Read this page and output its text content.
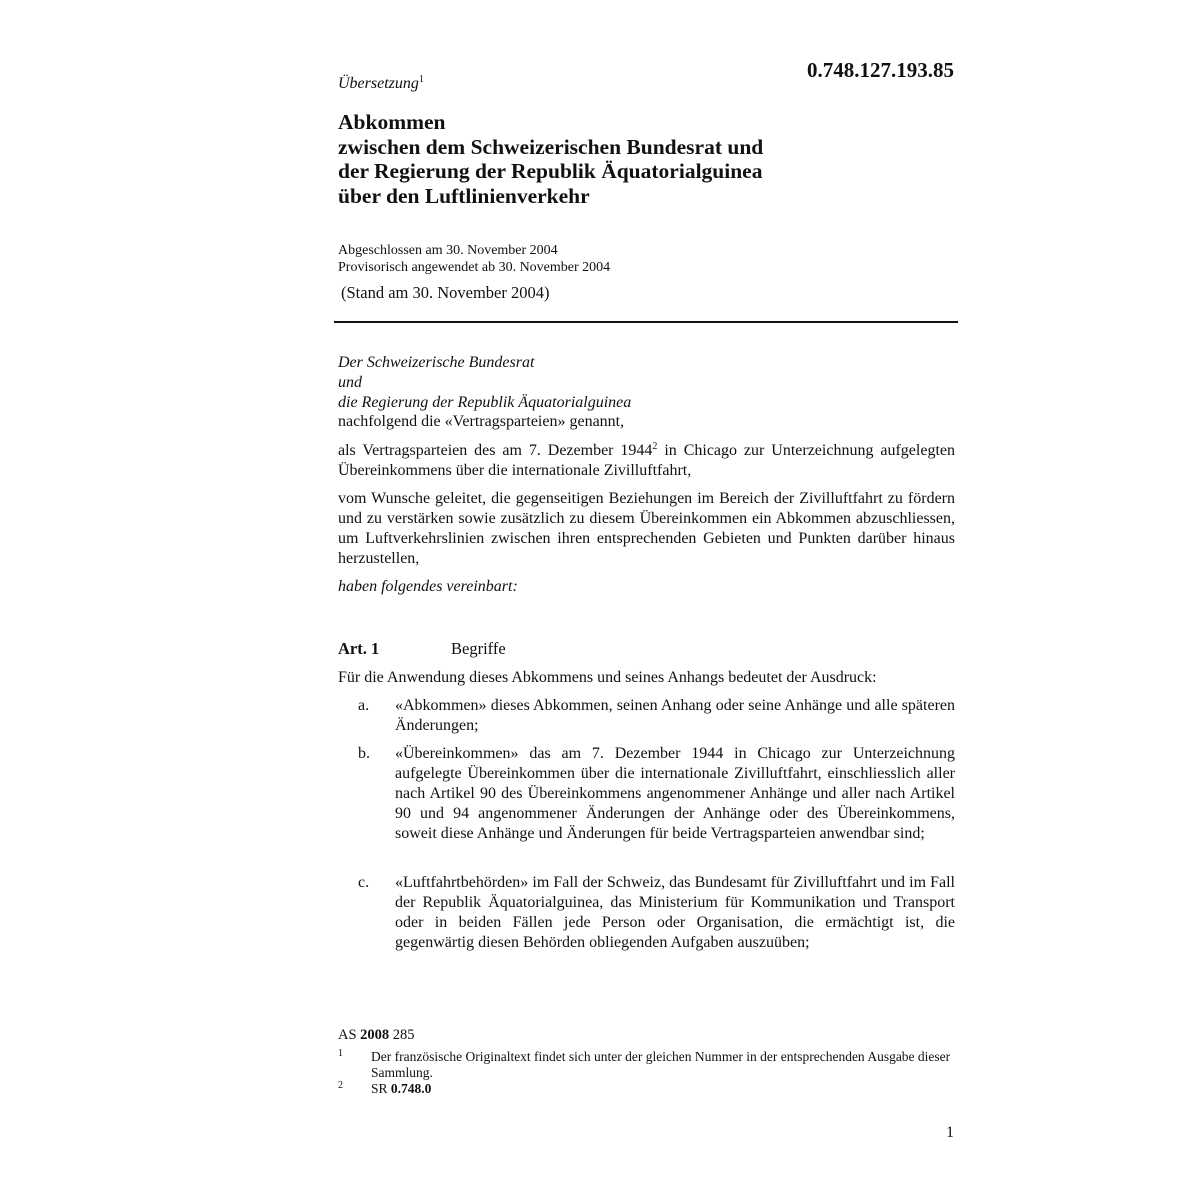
0.748.127.193.85
Übersetzung$^1$
Abkommen
zwischen dem Schweizerischen Bundesrat und
der Regierung der Republik Äquatorialguinea
über den Luftlinienverkehr
Abgeschlossen am 30. November 2004
Provisorisch angewendet ab 30. November 2004
(Stand am 30. November 2004)
Der Schweizerische Bundesrat
und
die Regierung der Republik Äquatorialguinea
nachfolgend die «Vertragsparteien» genannt,
als Vertragsparteien des am 7. Dezember 1944$^2$ in Chicago zur Unterzeichnung aufgelegten Übereinkommens über die internationale Zivilluftfahrt,
vom Wunsche geleitet, die gegenseitigen Beziehungen im Bereich der Zivilluftfahrt zu fördern und zu verstärken sowie zusätzlich zu diesem Übereinkommen ein Abkommen abzuschliessen, um Luftverkehrslinien zwischen ihren entsprechenden Gebieten und Punkten darüber hinaus herzustellen,
haben folgendes vereinbart:
Art. 1	Begriffe
Für die Anwendung dieses Abkommens und seines Anhangs bedeutet der Ausdruck:
a. «Abkommen» dieses Abkommen, seinen Anhang oder seine Anhänge und alle späteren Änderungen;
b. «Übereinkommen» das am 7. Dezember 1944 in Chicago zur Unterzeichnung aufgelegte Übereinkommen über die internationale Zivilluftfahrt, einschliesslich aller nach Artikel 90 des Übereinkommens angenommener Anhänge und aller nach Artikel 90 und 94 angenommener Änderungen der Anhänge oder des Übereinkommens, soweit diese Anhänge und Änderungen für beide Vertragsparteien anwendbar sind;
c. «Luftfahrtbehörden» im Fall der Schweiz, das Bundesamt für Zivilluftfahrt und im Fall der Republik Äquatorialguinea, das Ministerium für Kommunikation und Transport oder in beiden Fällen jede Person oder Organisation, die ermächtigt ist, die gegenwärtig diesen Behörden obliegenden Aufgaben auszuüben;
AS 2008 285
1 Der französische Originaltext findet sich unter der gleichen Nummer in der entsprechenden Ausgabe dieser Sammlung.
2 SR 0.748.0
1
